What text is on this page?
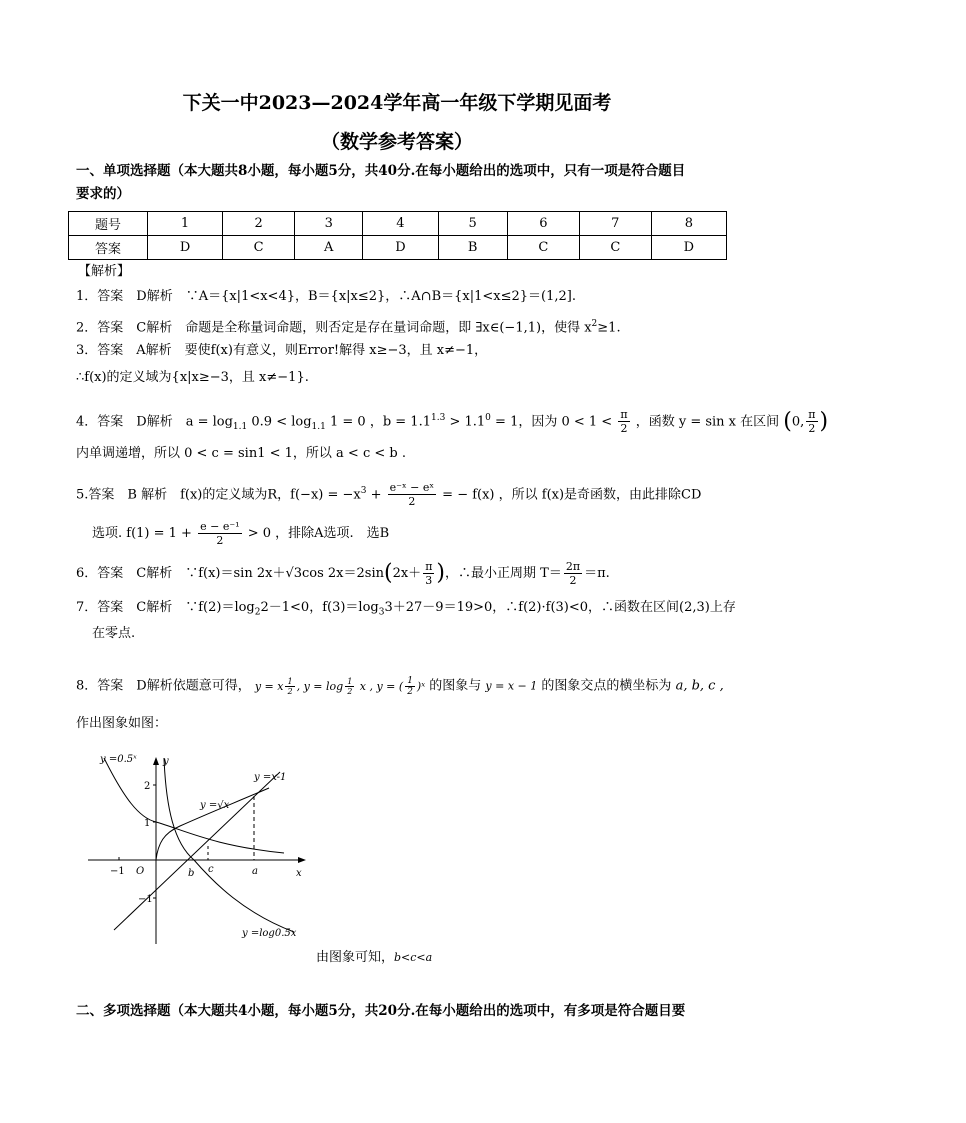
下关一中2023—2024学年高一年级下学期见面考
（数学参考答案）
一、单项选择题（本大题共8小题，每小题5分，共40分.在每小题给出的选项中，只有一项是符合题目
要求的）
题号	1	2	3	4	5	6	7	8
答案	D	C	A	D	B	C	C	D
【解析】
1．答案　D解析　∵A＝{x|1<x<4}，B＝{x|x≤2}，∴A∩B＝{x|1<x≤2}＝(1,2].
2．答案　C解析　命题是全称量词命题，则否定是存在量词命题，即 ∃x∈(−1,1)，使得 $x^2\ge 1$.
3．答案　A解析　要使f(x)有意义，则Error!解得 x≥−3，且 x≠−1，
∴f(x)的定义域为{x|x≥−3，且 x≠−1}.
4．答案　D解析　$a = \log_{1.1} 0.9 < \log_{1.1} 1 = 0$ ，$b = 1.1^{1.3} > 1.1^0 = 1$，因为 $0 < 1 < \frac{\pi}{2}$ ，函数 y = sin x 在区间 (0, $\frac{\pi}{2}$ )
内单调递增，所以 0 < c = sin1 < 1，所以 a < c < b .
5.答案　B 解析　f(x)的定义域为R，$f(-x) = -x^3 + \frac{\text{e⁻ˣ − eˣ}}{2}$ = − f(x) ，所以 f(x)是奇函数，由此排除CD
选项. $f(1) = 1 + \frac{\text{e − e⁻¹}}{2} > 0$ ，排除A选项.　选B
6．答案　C解析　∵f(x)＝sin 2x＋√3cos $2x=2\sin(2x+ \frac{\pi}{3}$ )，∴最小正周期 $T= \frac{2\pi}{2} =\pi$.
7．答案　C解析　$\because f(2)=\log_22-1<0$，$f(3)=\log_33+27-9=19>0$，∴f(2)·f(3)<0，∴函数在区间(2,3)上存
在零点.
8．答案　D解析依题意可得， y = x $\frac{1}{2}$ , $y = \log \frac{1}{2}$ x , y = ( $\frac{1}{2}$ )ˣ 的图象与 y = x − 1 的图象交点的横坐标为 a, b, c ,
作出图象如图：
y =0.5ˣ	y
y =x-1
y =√x
y =log0.5x
x
O	b c	a
2
1
−1
−1
由图象可知，b<c<a
二、多项选择题（本大题共4小题，每小题5分，共20分.在每小题给出的选项中，有多项是符合题目要
